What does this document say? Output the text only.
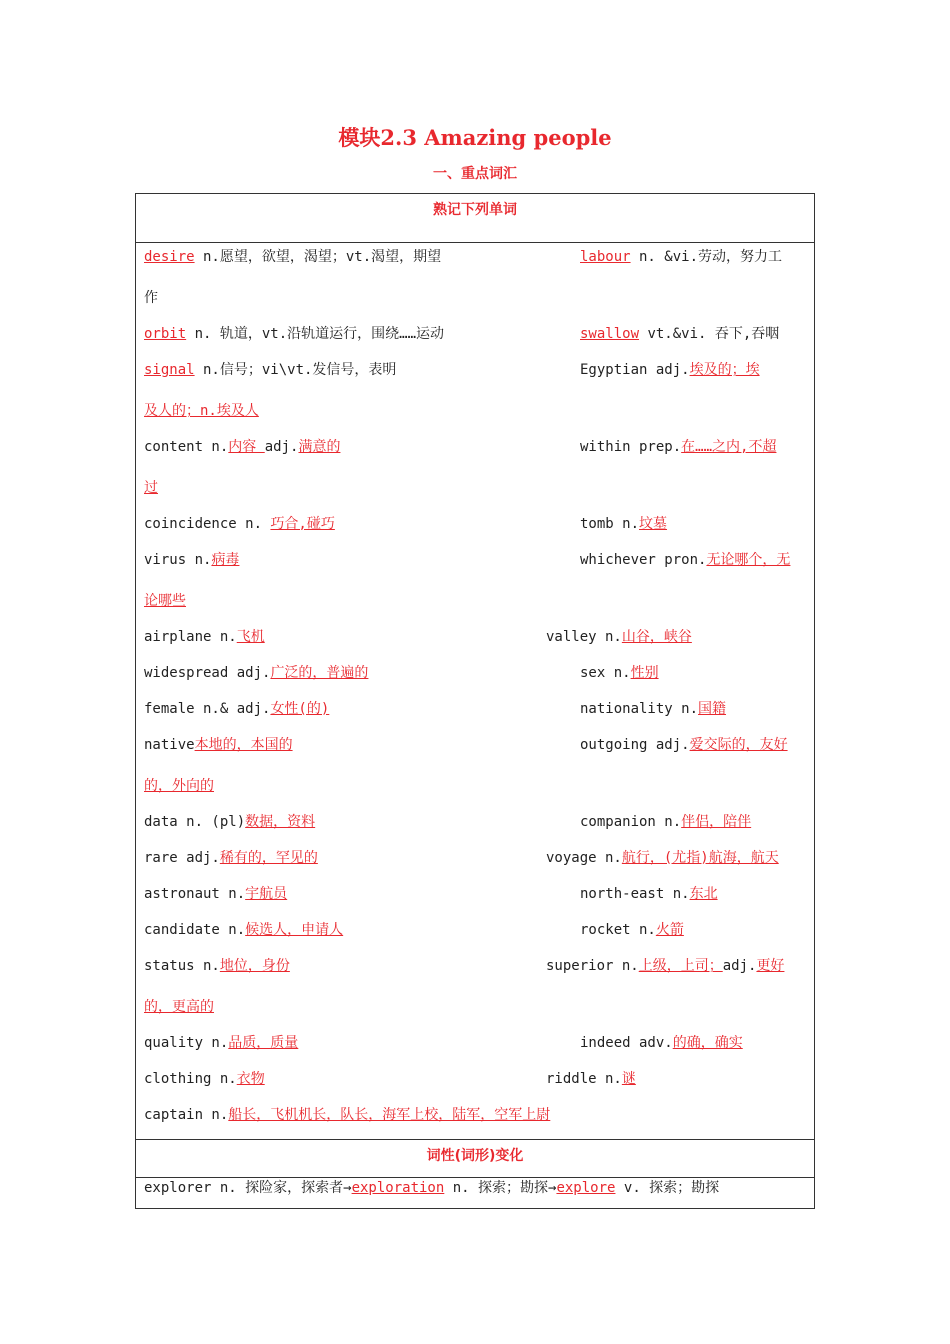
模块2.3 Amazing people
一、重点词汇
熟记下列单词
词性(词形)变化
desire n.愿望，欲望，渴望；vt.渴望，期望	labour n. &vi.劳动，努力工
作
orbit n. 轨道，vt.沿轨道运行，围绕……运动	swallow vt.&vi. 吞下,吞咽
signal n.信号；vi\vt.发信号，表明	Egyptian adj.埃及的；埃
及人的；n.埃及人
content n.内容 adj.满意的	within prep.在……之内,不超
过
coincidence n. 巧合,碰巧	tomb n.坟墓
virus n.病毒	whichever pron.无论哪个，无
论哪些
airplane n.飞机	valley n.山谷，峡谷
widespread adj.广泛的，普遍的	sex n.性别
female n.& adj.女性(的)	nationality n.国籍
native本地的，本国的	outgoing adj.爱交际的，友好
的，外向的
data n. (pl)数据，资料	companion n.伴侣，陪伴
rare adj.稀有的，罕见的	voyage n.航行，(尤指)航海，航天
astronaut n.宇航员	north-east n.东北
candidate n.候选人，申请人	rocket n.火箭
status n.地位，身份	superior n.上级，上司；adj.更好
的，更高的
quality n.品质，质量	indeed adv.的确，确实
clothing n.衣物	riddle n.谜
captain n.船长，飞机机长，队长，海军上校，陆军，空军上尉
explorer n. 探险家，探索者→exploration n. 探索；勘探→explore v. 探索；勘探
